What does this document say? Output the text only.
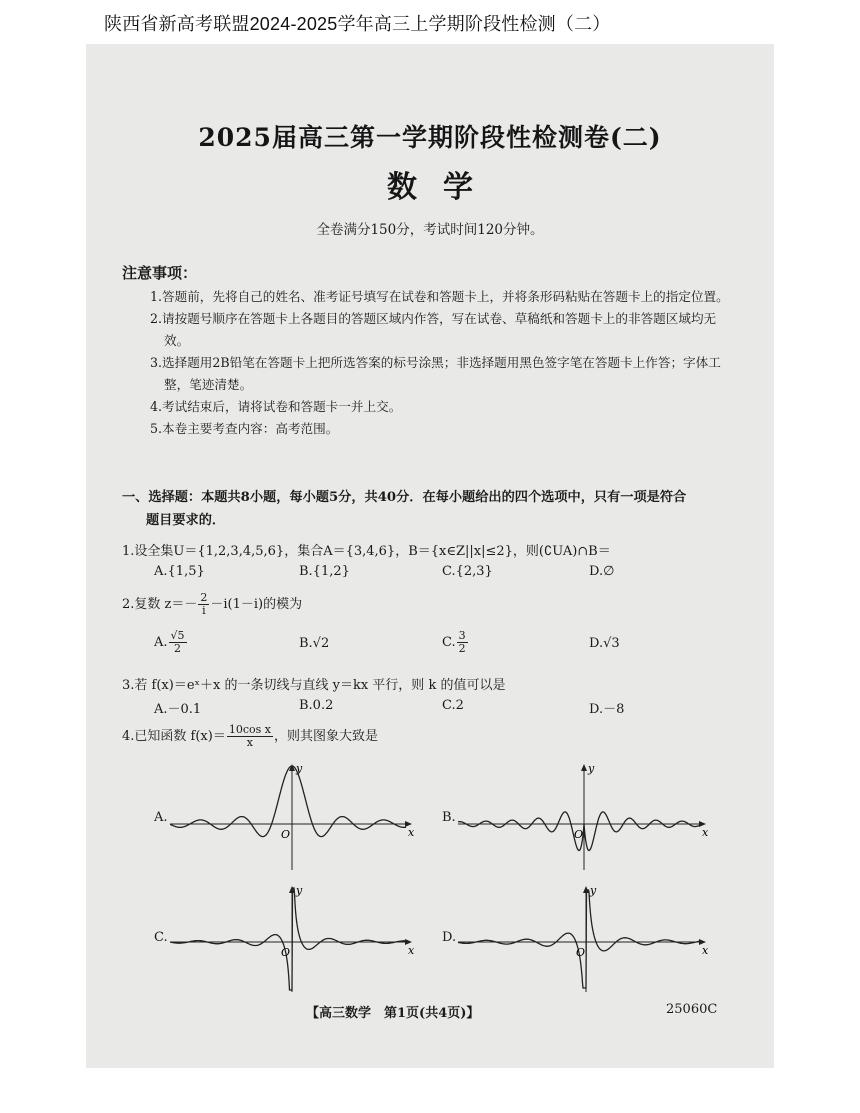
陕西省新高考联盟2024-2025学年高三上学期阶段性检测（二）
2025届高三第一学期阶段性检测卷(二)
数学
全卷满分150分，考试时间120分钟。
注意事项：
1.答题前，先将自己的姓名、准考证号填写在试卷和答题卡上，并将条形码粘贴在答题卡上的指定位置。
2.请按题号顺序在答题卡上各题目的答题区域内作答，写在试卷、草稿纸和答题卡上的非答题区域均无效。
3.选择题用2B铅笔在答题卡上把所选答案的标号涂黑；非选择题用黑色签字笔在答题卡上作答；字体工整，笔迹清楚。
4.考试结束后，请将试卷和答题卡一并上交。
5.本卷主要考查内容：高考范围。
一、选择题：本题共8小题，每小题5分，共40分．在每小题给出的四个选项中，只有一项是符合
题目要求的．
1.设全集U＝{1,2,3,4,5,6}，集合A＝{3,4,6}，B＝{x∈Z||x|≤2}，则(∁UA)∩B＝
A.{1,5}	B.{1,2}	C.{2,3}	D.∅
2.复数 $z=- \frac{2}{i} -i(1-i)$的模为
A. $\frac{√5}{2}$	B.√2	C. $\frac{3}{2}$	D.√3
3.若 f(x)＝eˣ＋x 的一条切线与直线 y＝kx 平行，则 k 的值可以是
A.－0.1	B.0.2	C.2	D.－8
4.已知函数 $f(x)= \frac{\text{10cos x}}{x}$ ，则其图象大致是
A.
x
y
O
B.
x
y
O
C.
x
y
O
D.
x
y
O
【高三数学　第1页(共4页)】	25060C
